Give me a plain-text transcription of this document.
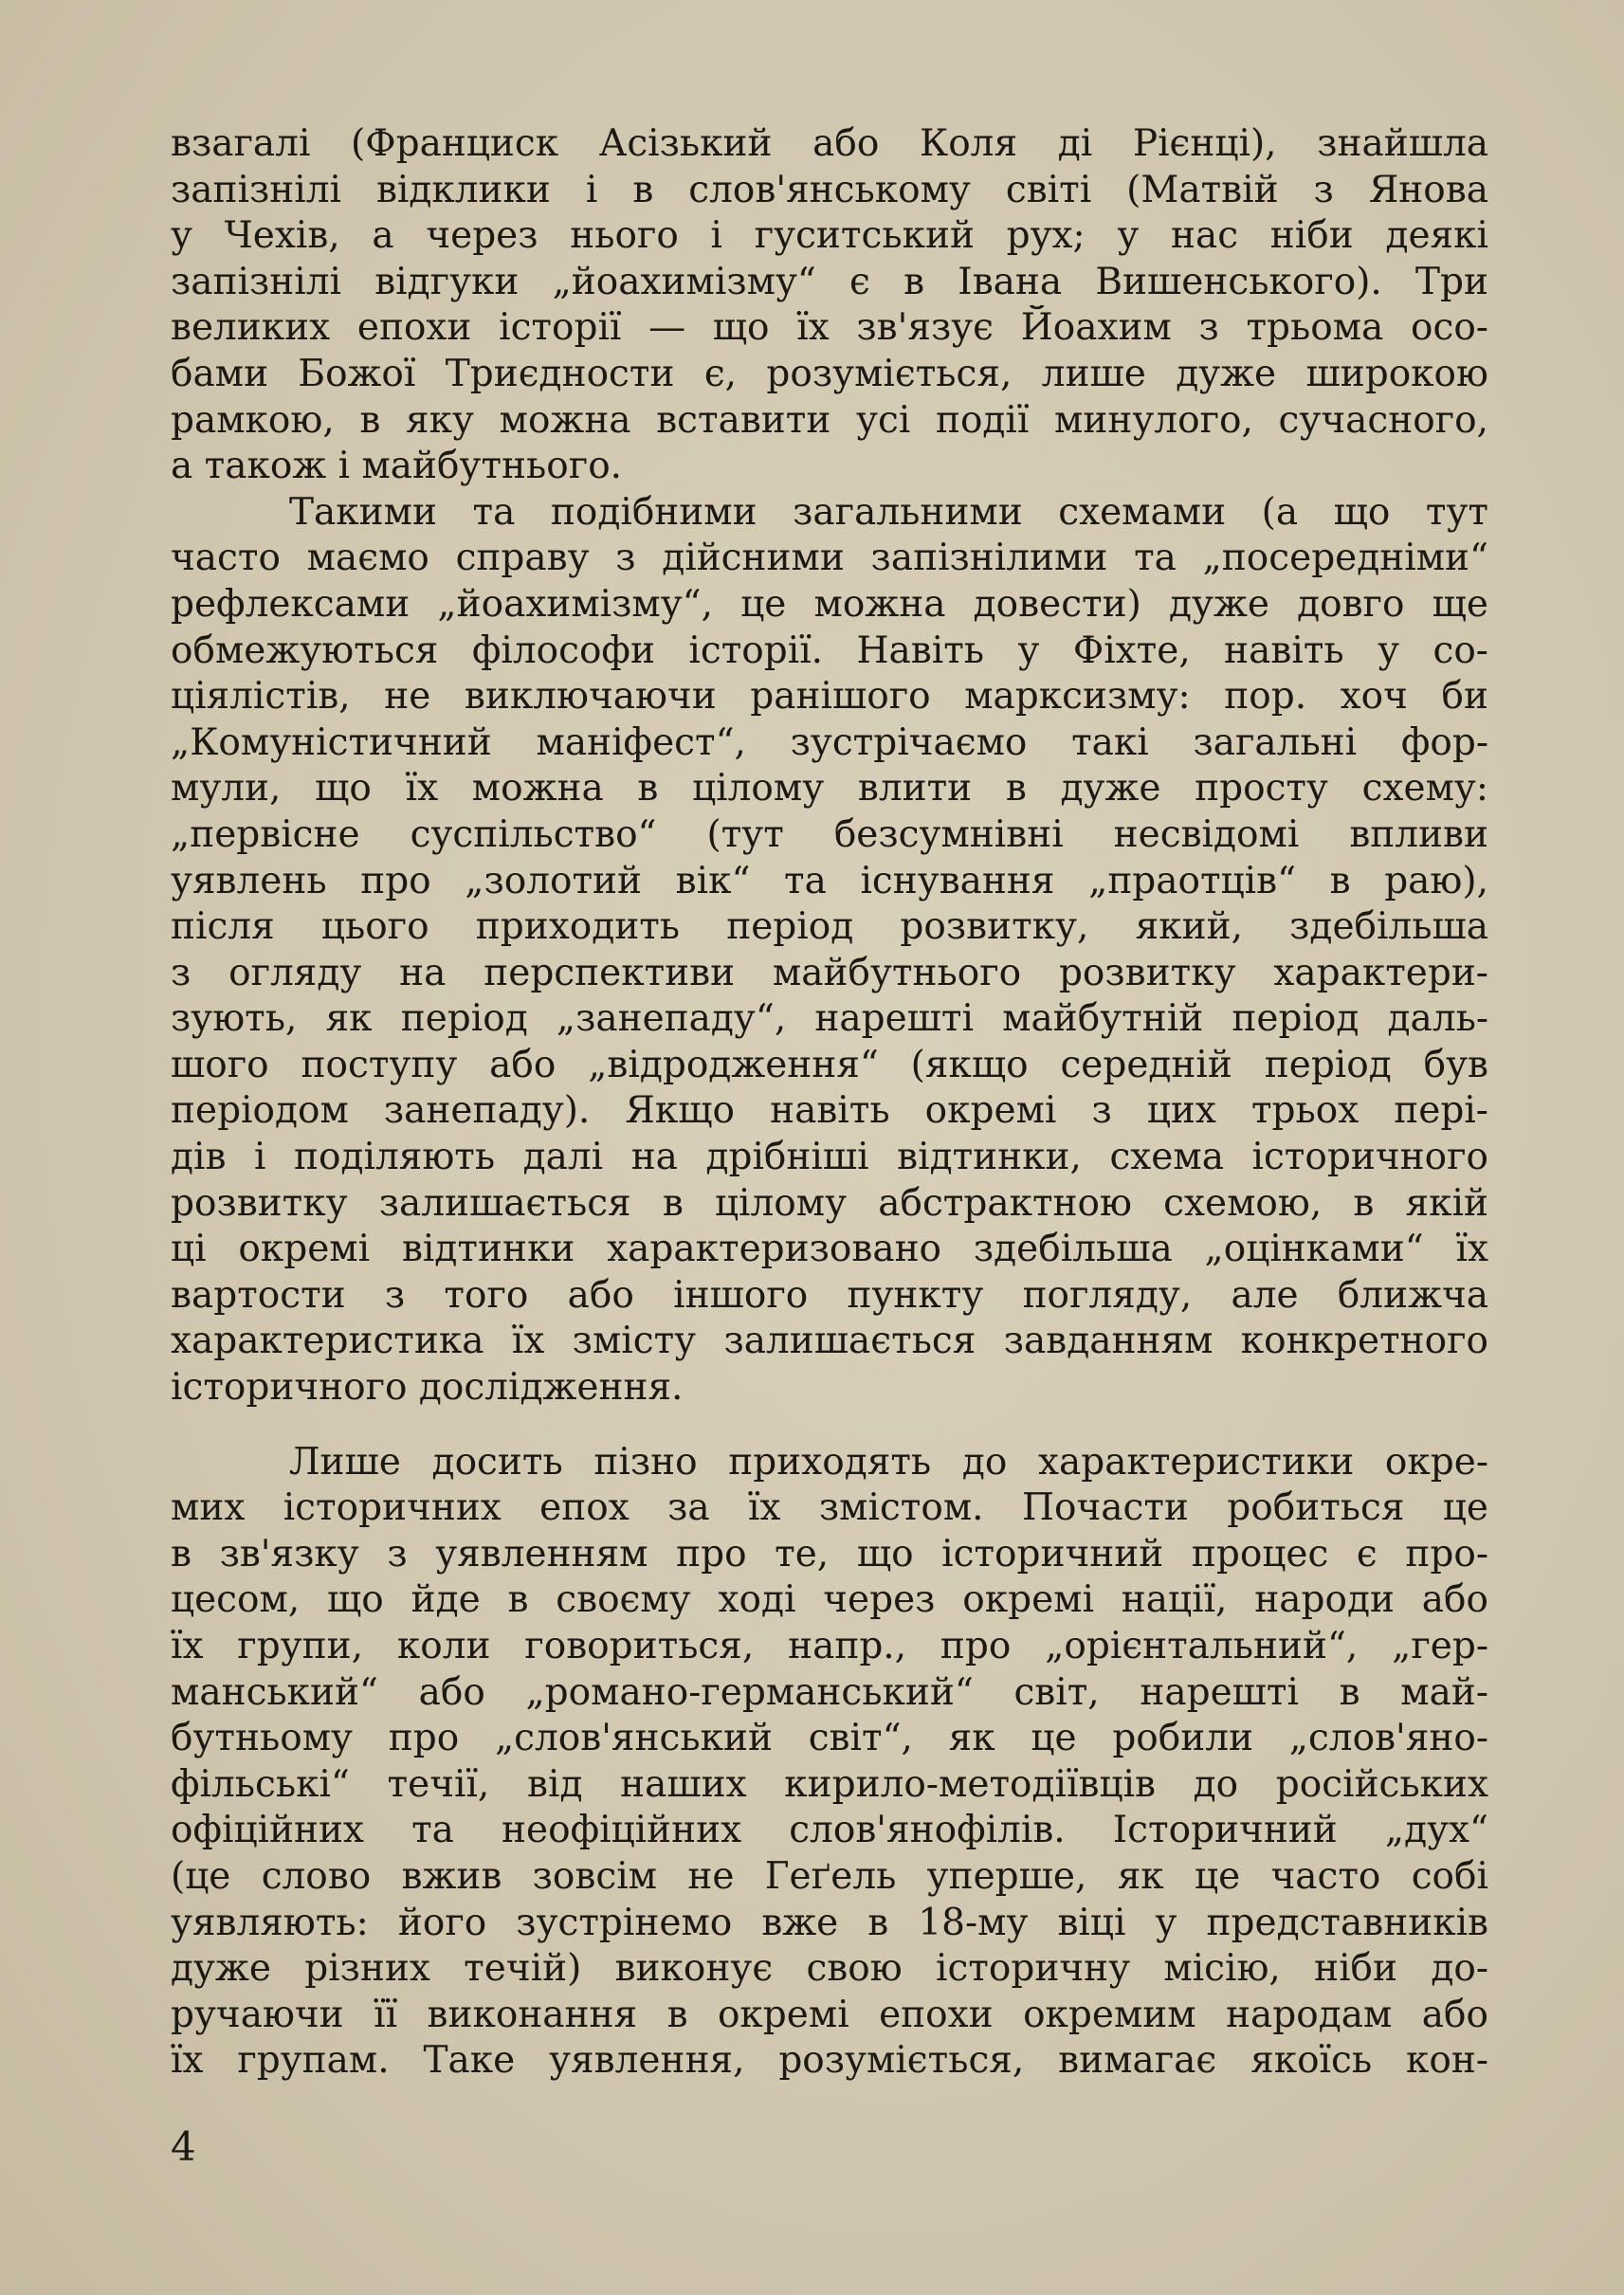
взагалі (Франциск Асізький або Коля ді Рієнці), знайшла
запізнілі відклики і в слов'янському світі (Матвій з Янова
у Чехів, а через нього і гуситський рух; у нас ніби деякі
запізнілі відгуки „йоахимізму“ є в Івана Вишенського). Три
великих епохи історії — що їх зв'язує Йоахим з трьома осо-
бами Божої Триєдности є, розуміється, лише дуже широкою
рамкою, в яку можна вставити усі події минулого, сучасного,
а також і майбутнього.
Такими та подібними загальними схемами (а що тут
часто маємо справу з дійсними запізнілими та „посередніми“
рефлексами „йоахимізму“, це можна довести) дуже довго ще
обмежуються філософи історії. Навіть у Фіхте, навіть у со-
ціялістів, не виключаючи ранішого марксизму: пор. хоч би
„Комуністичний маніфест“, зустрічаємо такі загальні фор-
мули, що їх можна в цілому влити в дуже просту схему:
„первісне суспільство“ (тут безсумнівні несвідомі впливи
уявлень про „золотий вік“ та існування „праотців“ в раю),
після цього приходить період розвитку, який, здебільша
з огляду на перспективи майбутнього розвитку характери-
зують, як період „занепаду“, нарешті майбутній період даль-
шого поступу або „відродження“ (якщо середній період був
періодом занепаду). Якщо навіть окремі з цих трьох пері-
дів і поділяють далі на дрібніші відтинки, схема історичного
розвитку залишається в цілому абстрактною схемою, в якій
ці окремі відтинки характеризовано здебільша „оцінками“ їх
вартости з того або іншого пункту погляду, але ближча
характеристика їх змісту залишається завданням конкретного
історичного дослідження.
Лише досить пізно приходять до характеристики окре-
мих історичних епох за їх змістом. Почасти робиться це
в зв'язку з уявленням про те, що історичний процес є про-
цесом, що йде в своєму ході через окремі нації, народи або
їх групи, коли говориться, напр., про „орієнтальний“, „гер-
манський“ або „романо-германський“ світ, нарешті в май-
бутньому про „слов'янський світ“, як це робили „слов'яно-
фільські“ течії, від наших кирило-методіївців до російських
офіційних та неофіційних слов'янофілів. Історичний „дух“
(це слово вжив зовсім не Геґель уперше, як це часто собі
уявляють: його зустрінемо вже в 18-му віці у представників
дуже різних течій) виконує свою історичну місію, ніби до-
ручаючи її виконання в окремі епохи окремим народам або
їх групам. Таке уявлення, розуміється, вимагає якоїсь кон-
4
